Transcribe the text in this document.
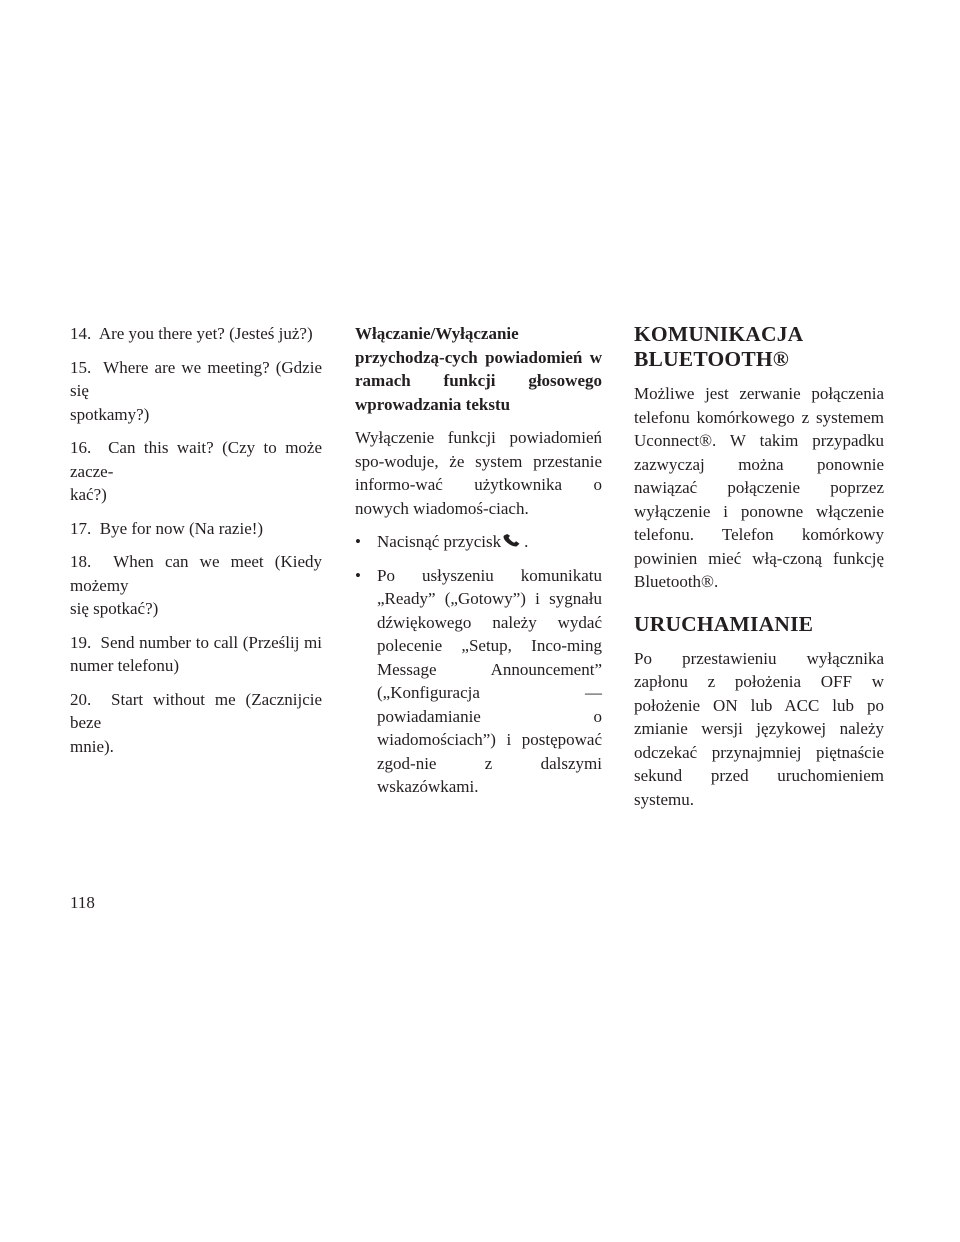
14. Are you there yet? (Jesteś już?)
15. Where are we meeting? (Gdzie się
spotkamy?)
16. Can this wait? (Czy to może zacze-
kać?)
17. Bye for now (Na razie!)
18. When can we meet (Kiedy możemy
się spotkać?)
19. Send number to call (Prześlij mi
numer telefonu)
20. Start without me (Zacznijcie beze
mnie).
Włączanie/Wyłączanie przychodzą-cych powiadomień w ramach funkcji głosowego wprowadzania tekstu
Wyłączenie funkcji powiadomień spo-woduje, że system przestanie informo-wać użytkownika o nowych wiadomoś-ciach.
• Nacisnąć przycisk .
• Po usłyszeniu komunikatu „Ready” („Gotowy”) i sygnału dźwiękowego należy wydać polecenie „Setup, Inco-ming Message Announcement” („Konfiguracja — powiadamianie o wiadomościach”) i postępować zgod-nie z dalszymi wskazówkami.
KOMUNIKACJA BLUETOOTH®
Możliwe jest zerwanie połączenia telefonu komórkowego z systemem Uconnect®. W takim przypadku zazwyczaj można ponownie nawiązać połączenie poprzez wyłączenie i ponowne włączenie telefonu. Telefon komórkowy powinien mieć włą-czoną funkcję Bluetooth®.
URUCHAMIANIE
Po przestawieniu wyłącznika zapłonu z położenia OFF w położenie ON lub ACC lub po zmianie wersji językowej należy odczekać przynajmniej piętnaście sekund przed uruchomieniem systemu.
118
